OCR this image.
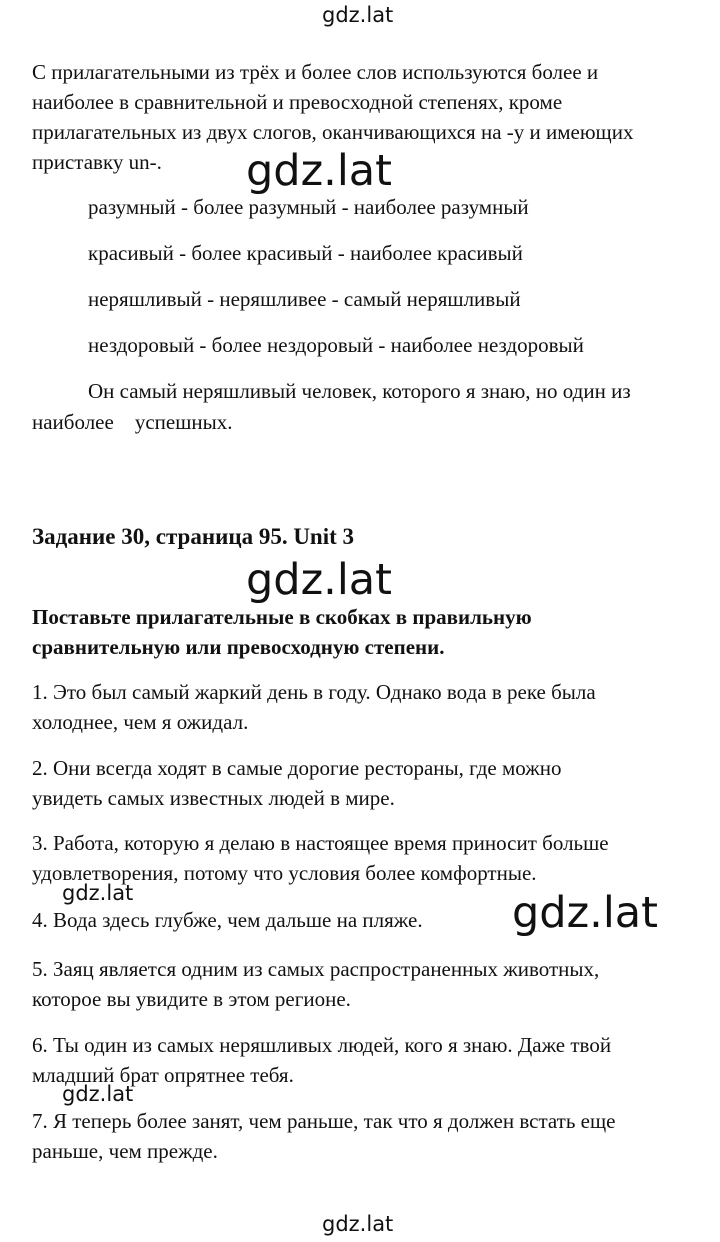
gdz.lat
С прилагательными из трёх и более слов используются более и
наиболее в сравнительной и превосходной степенях, кроме
прилагательных из двух слогов, оканчивающихся на -y и имеющих
приставку un-. gdz.lat
разумный - более разумный - наиболее разумный
красивый - более красивый - наиболее красивый
неряшливый - неряшливее - самый неряшливый
нездоровый - более нездоровый - наиболее нездоровый
Он самый неряшливый человек, которого я знаю, но один из
наиболее    успешных.
Задание 30, страница 95. Unit 3
gdz.lat
Поставьте прилагательные в скобках в правильную
сравнительную или превосходную степени.
1. Это был самый жаркий день в году. Однако вода в реке была
холоднее, чем я ожидал.
2. Они всегда ходят в самые дорогие рестораны, где можно
увидеть самых известных людей в мире.
3. Работа, которую я делаю в настоящее время приносит больше
удовлетворения, потому что условия более комфортные.
gdz.lat	gdz.lat
4. Вода здесь глубже, чем дальше на пляже.
5. Заяц является одним из самых распространенных животных,
которое вы увидите в этом регионе.
6. Ты один из самых неряшливых людей, кого я знаю. Даже твой
младший брат опрятнее тебя.
gdz.lat
7. Я теперь более занят, чем раньше, так что я должен встать еще
раньше, чем прежде.
gdz.lat
